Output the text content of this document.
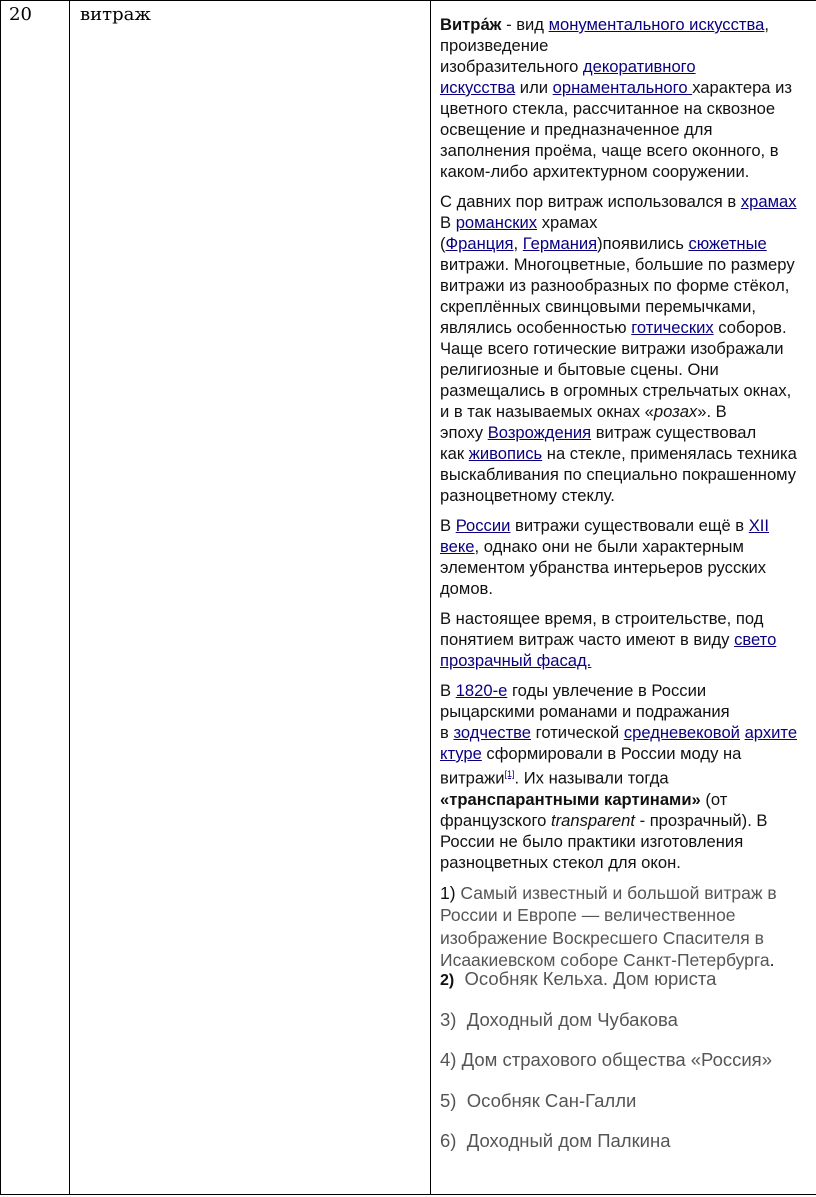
20	витраж	Витра́ж - вид монументального искусства,
произведение
изобразительного декоративного
искусства или орнаментального характера из
цветного стекла, рассчитанное на сквозное
освещение и предназначенное для
заполнения проёма, чаще всего оконного, в
каком-либо архитектурном сооружении.

С давних пор витраж использовался в храмах
В романских храмах
(Франция, Германия)появились сюжетные
витражи. Многоцветные, большие по размеру
витражи из разнообразных по форме стёкол,
скреплённых свинцовыми перемычками,
являлись особенностью готических соборов.
Чаще всего готические витражи изображали
религиозные и бытовые сцены. Они
размещались в огромных стрельчатых окнах,
и в так называемых окнах «розах». В
эпоху Возрождения витраж существовал
как живопись на стекле, применялась техника
выскабливания по специально покрашенному
разноцветному стеклу.

В России витражи существовали ещё в XII
веке, однако они не были характерным
элементом убранства интерьеров русских
домов.

В настоящее время, в строительстве, под
понятием витраж часто имеют в виду свето
прозрачный фасад.

В 1820-е годы увлечение в России
рыцарскими романами и подражания
в зодчестве готической средневековой архите
ктуре сформировали в России моду на
витражи[1]. Их называли тогда
«транспарантными картинами» (от
французского transparent - прозрачный). В
России не было практики изготовления
разноцветных стекол для окон.

1) Самый известный и большой витраж в
России и Европе — величественное
изображение Воскресшего Спасителя в
Исаакиевском соборе Санкт-Петербурга.

2) Особняк Кельха. Дом юриста
3) Доходный дом Чубакова
4) Дом страхового общества «Россия»
5) Особняк Сан-Галли
6) Доходный дом Палкина
